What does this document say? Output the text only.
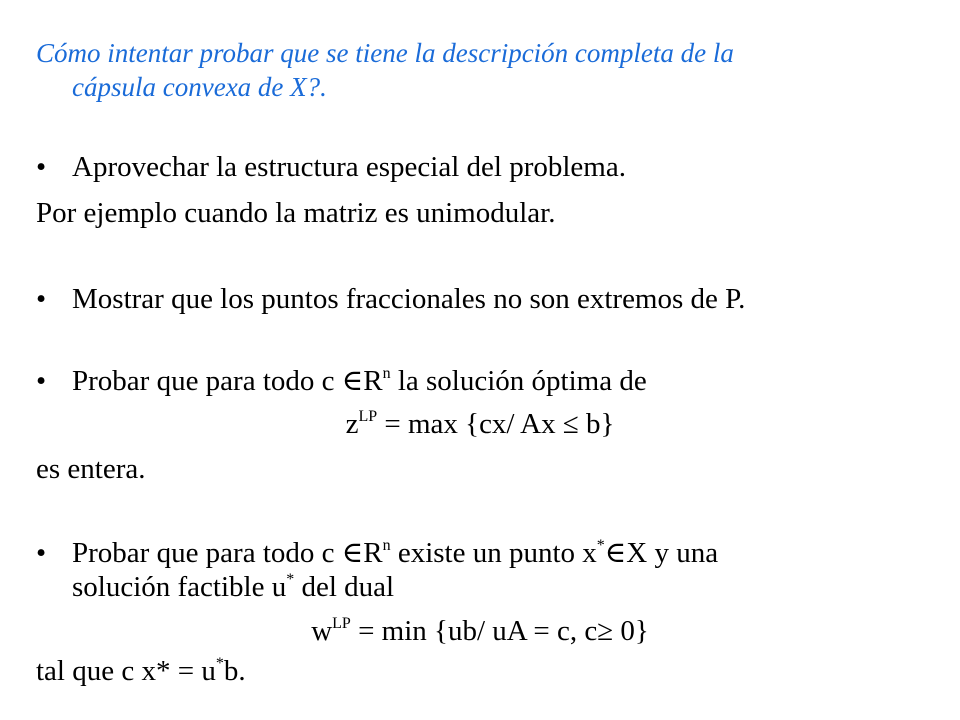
Cómo intentar probar que se tiene la descripción completa de la
cápsula convexa de X?.
• Aprovechar la estructura especial del problema.
Por ejemplo cuando la matriz es unimodular.
• Mostrar que los puntos fraccionales no son extremos de P.
• Probar que para todo c $\in R^n$ la solución óptima de
$z^{LP} = \max \{cx/$ Ax ≤ b}
es entera.
• Probar que para todo c $\in R^n$ existe un punto x*∈X y una
solución factible u* del dual
$w^{LP} = \min \{ub/$ uA = c, c≥ 0}
tal que c x* = u*b.
